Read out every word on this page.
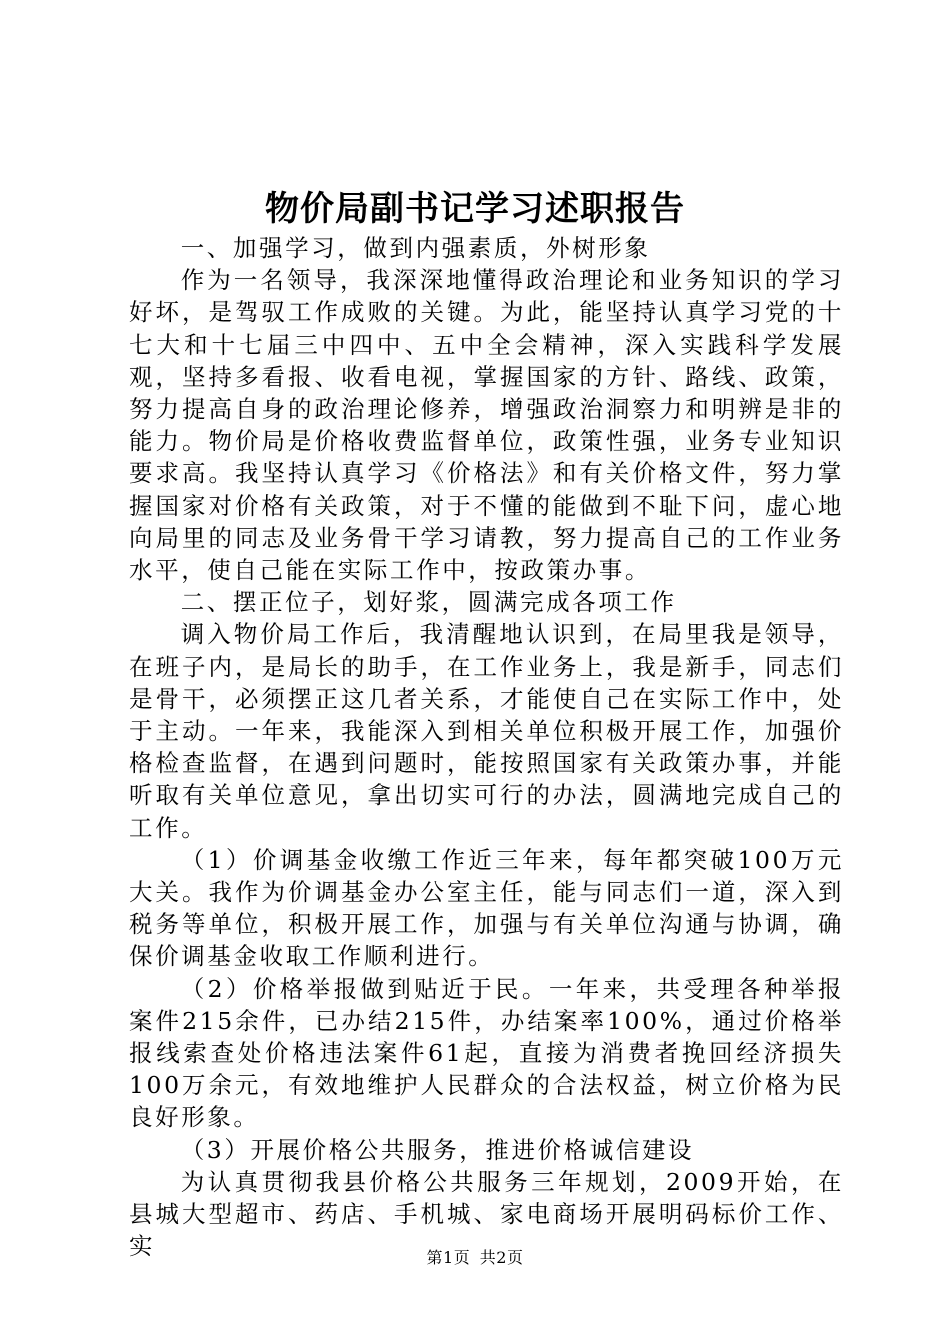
物价局副书记学习述职报告

一、加强学习，做到内强素质，外树形象

作为一名领导，我深深地懂得政治理论和业务知识的学习好坏，是驾驭工作成败的关键。为此，能坚持认真学习党的十七大和十七届三中四中、五中全会精神，深入实践科学发展观，坚持多看报、收看电视，掌握国家的方针、路线、政策，努力提高自身的政治理论修养，增强政治洞察力和明辨是非的能力。物价局是价格收费监督单位，政策性强，业务专业知识要求高。我坚持认真学习《价格法》和有关价格文件，努力掌握国家对价格有关政策，对于不懂的能做到不耻下问，虚心地向局里的同志及业务骨干学习请教，努力提高自己的工作业务水平，使自己能在实际工作中，按政策办事。

二、摆正位子，划好浆，圆满完成各项工作

调入物价局工作后，我清醒地认识到，在局里我是领导，在班子内，是局长的助手，在工作业务上，我是新手，同志们是骨干，必须摆正这几者关系，才能使自己在实际工作中，处于主动。一年来，我能深入到相关单位积极开展工作，加强价格检查监督，在遇到问题时，能按照国家有关政策办事，并能听取有关单位意见，拿出切实可行的办法，圆满地完成自己的工作。

（1）价调基金收缴工作近三年来，每年都突破100万元大关。我作为价调基金办公室主任，能与同志们一道，深入到税务等单位，积极开展工作，加强与有关单位沟通与协调，确保价调基金收取工作顺利进行。

（2）价格举报做到贴近于民。一年来，共受理各种举报案件215余件，已办结215件，办结案率100%，通过价格举报线索查处价格违法案件61起，直接为消费者挽回经济损失100万余元，有效地维护人民群众的合法权益，树立价格为民良好形象。

（3）开展价格公共服务，推进价格诚信建设

为认真贯彻我县价格公共服务三年规划，2009开始，在县城大型超市、药店、手机城、家电商场开展明码标价工作、实	第1页 共2页
